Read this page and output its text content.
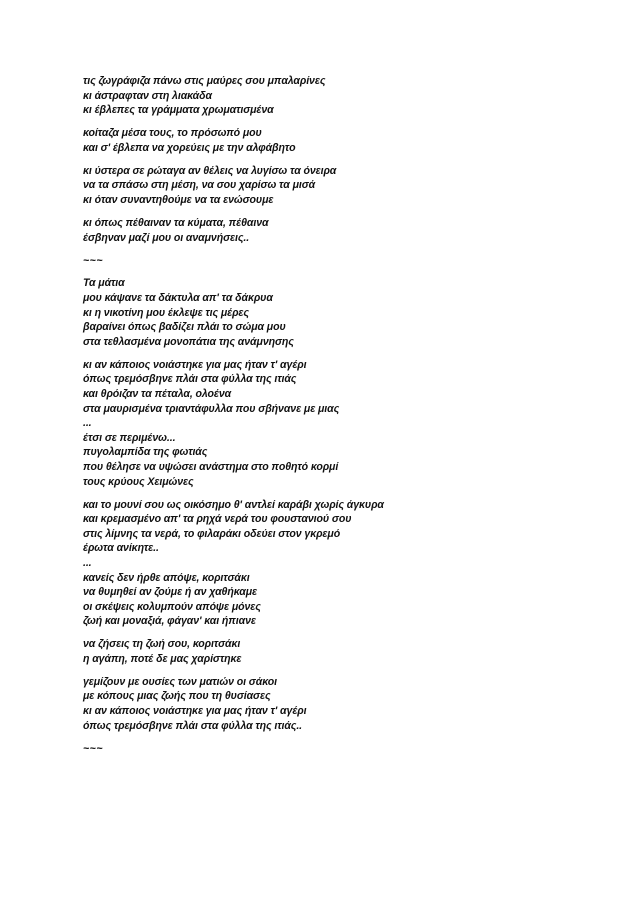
τις ζωγράφιζα πάνω στις μαύρες σου μπαλαρίνες
κι άστραφταν στη λιακάδα
κι έβλεπες τα γράμματα χρωματισμένα
κοίταζα μέσα τους, το πρόσωπό μου
και σ' έβλεπα να χορεύεις με την αλφάβητο
κι ύστερα σε ρώταγα αν θέλεις να λυγίσω τα όνειρα
να τα σπάσω στη μέση, να σου χαρίσω τα μισά
κι όταν συναντηθούμε να τα ενώσουμε
κι όπως πέθαιναν τα κύματα, πέθαινα
έσβηναν μαζί μου οι αναμνήσεις..
~~~
Τα μάτια
μου κάψανε τα δάκτυλα απ' τα δάκρυα
κι η νικοτίνη μου έκλεψε τις μέρες
βαραίνει όπως βαδίζει πλάι το σώμα μου
στα τεθλασμένα μονοπάτια της ανάμνησης
κι αν κάποιος νοιάστηκε για μας ήταν τ' αγέρι
όπως τρεμόσβηνε πλάι στα φύλλα της ιτιάς
και θρόιζαν τα πέταλα, ολοένα
στα μαυρισμένα τριαντάφυλλα που σβήνανε με μιας
...
έτσι σε περιμένω...
πυγολαμπίδα της φωτιάς
που θέλησε να υψώσει ανάστημα στο ποθητό κορμί
τους κρύους Χειμώνες
και το μουνί σου ως οικόσημο θ' αντλεί καράβι χωρίς άγκυρα
και κρεμασμένο απ' τα ρηχά νερά του φουστανιού σου
στις λίμνης τα νερά, το φιλαράκι οδεύει στον γκρεμό
έρωτα ανίκητε..
...
κανείς δεν ήρθε απόψε, κοριτσάκι
να θυμηθεί αν ζούμε ή αν χαθήκαμε
οι σκέψεις κολυμπούν απόψε μόνες
ζωή και μοναξιά, φάγαν' και ήπιανε
να ζήσεις τη ζωή σου, κοριτσάκι
η αγάπη, ποτέ δε μας χαρίστηκε
γεμίζουν με ουσίες των ματιών οι σάκοι
με κόπους μιας ζωής που τη θυσίασες
κι αν κάποιος νοιάστηκε για μας ήταν τ' αγέρι
όπως τρεμόσβηνε πλάι στα φύλλα της ιτιάς..
~~~
